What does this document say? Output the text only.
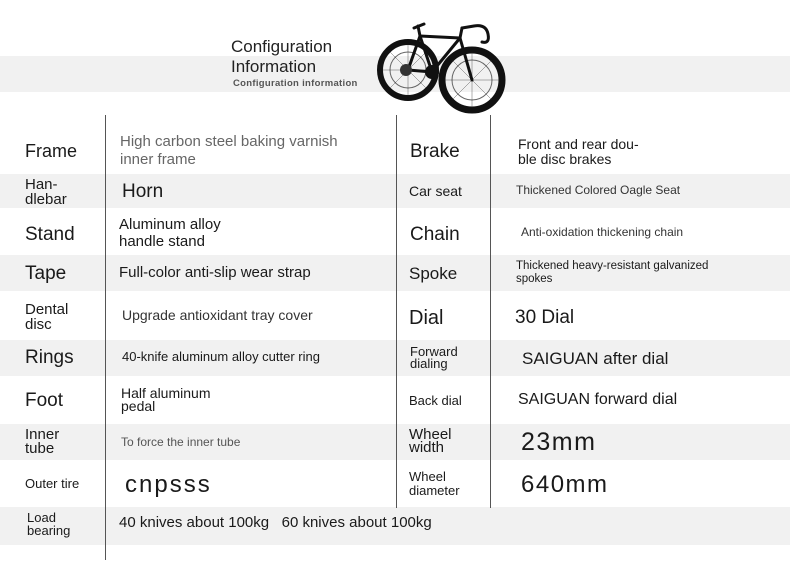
Configuration
Information
Configuration information
Frame
Han-dlebar
Stand
Tape
Dental disc
Rings
Foot
Inner tube
Outer tire
Load bearing
High carbon steel baking varnish inner frame
Horn
Aluminum alloy handle stand
Full-color anti-slip wear strap
Upgrade antioxidant tray cover
40-knife aluminum alloy cutter ring
Half aluminum pedal
To force the inner tube
cnpsss
40 knives about 100kg   60 knives about 100kg
Brake
Car seat
Chain
Spoke
Dial
Forward dialing
Back dial
Wheel width
Wheel diameter
Front and rear dou-ble disc brakes
Thickened Colored Oagle Seat
Anti-oxidation thickening chain
Thickened heavy-resistant galvanized spokes
30 Dial
SAIGUAN after dial
SAIGUAN forward dial
23mm
640mm
